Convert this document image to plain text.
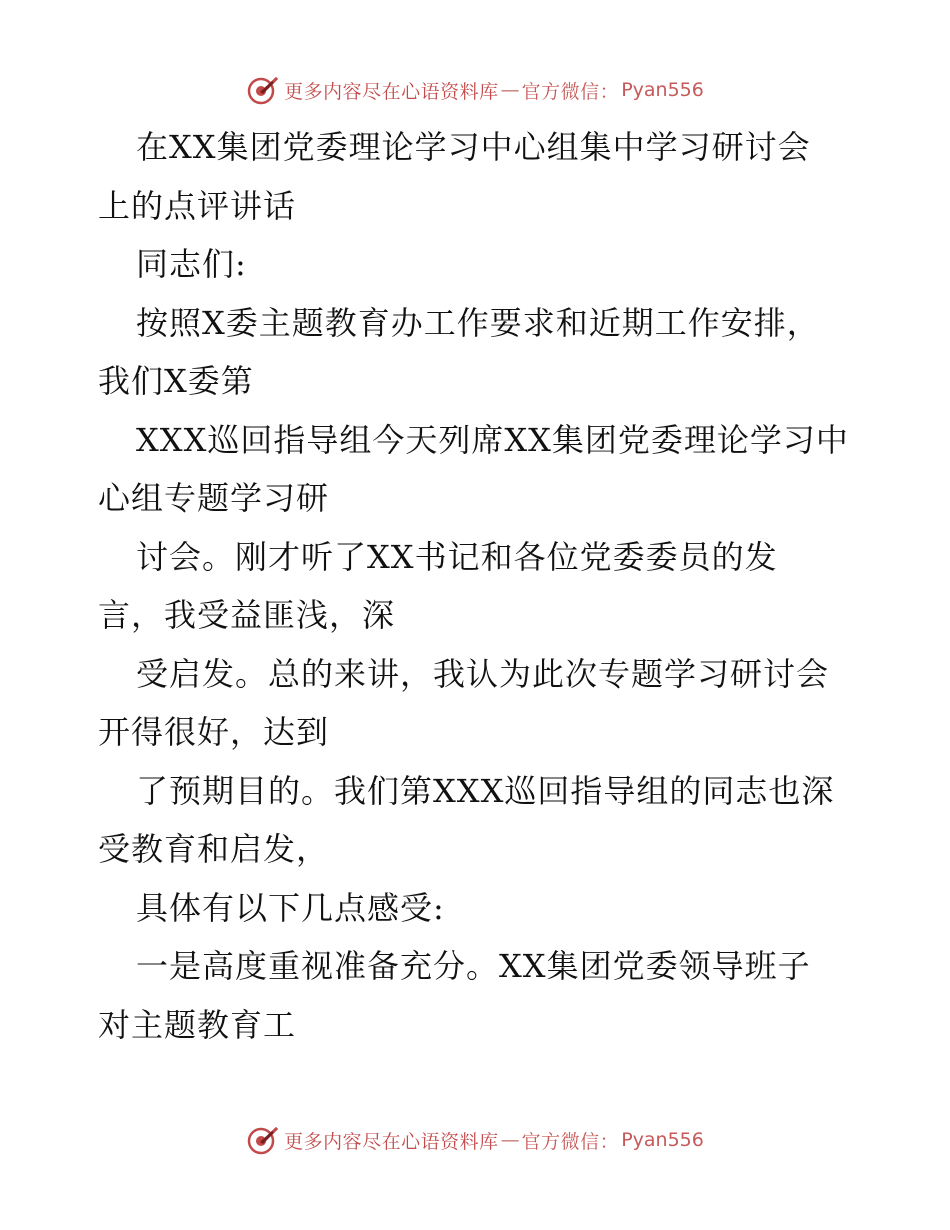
更多内容尽在心语资料库 — 官方微信： Pyan556
在XX集团党委理论学习中心组集中学习研讨会
上的点评讲话
同志们:
按照X委主题教育办工作要求和近期工作安排，
我们X委第
XXX巡回指导组今天列席XX集团党委理论学习中
心组专题学习研
讨会。刚才听了XX书记和各位党委委员的发
言，我受益匪浅，深
受启发。总的来讲，我认为此次专题学习研讨会
开得很好，达到
了预期目的。我们第XXX巡回指导组的同志也深
受教育和启发，
具体有以下几点感受:
一是高度重视准备充分。XX集团党委领导班子
对主题教育工
更多内容尽在心语资料库 — 官方微信： Pyan556
